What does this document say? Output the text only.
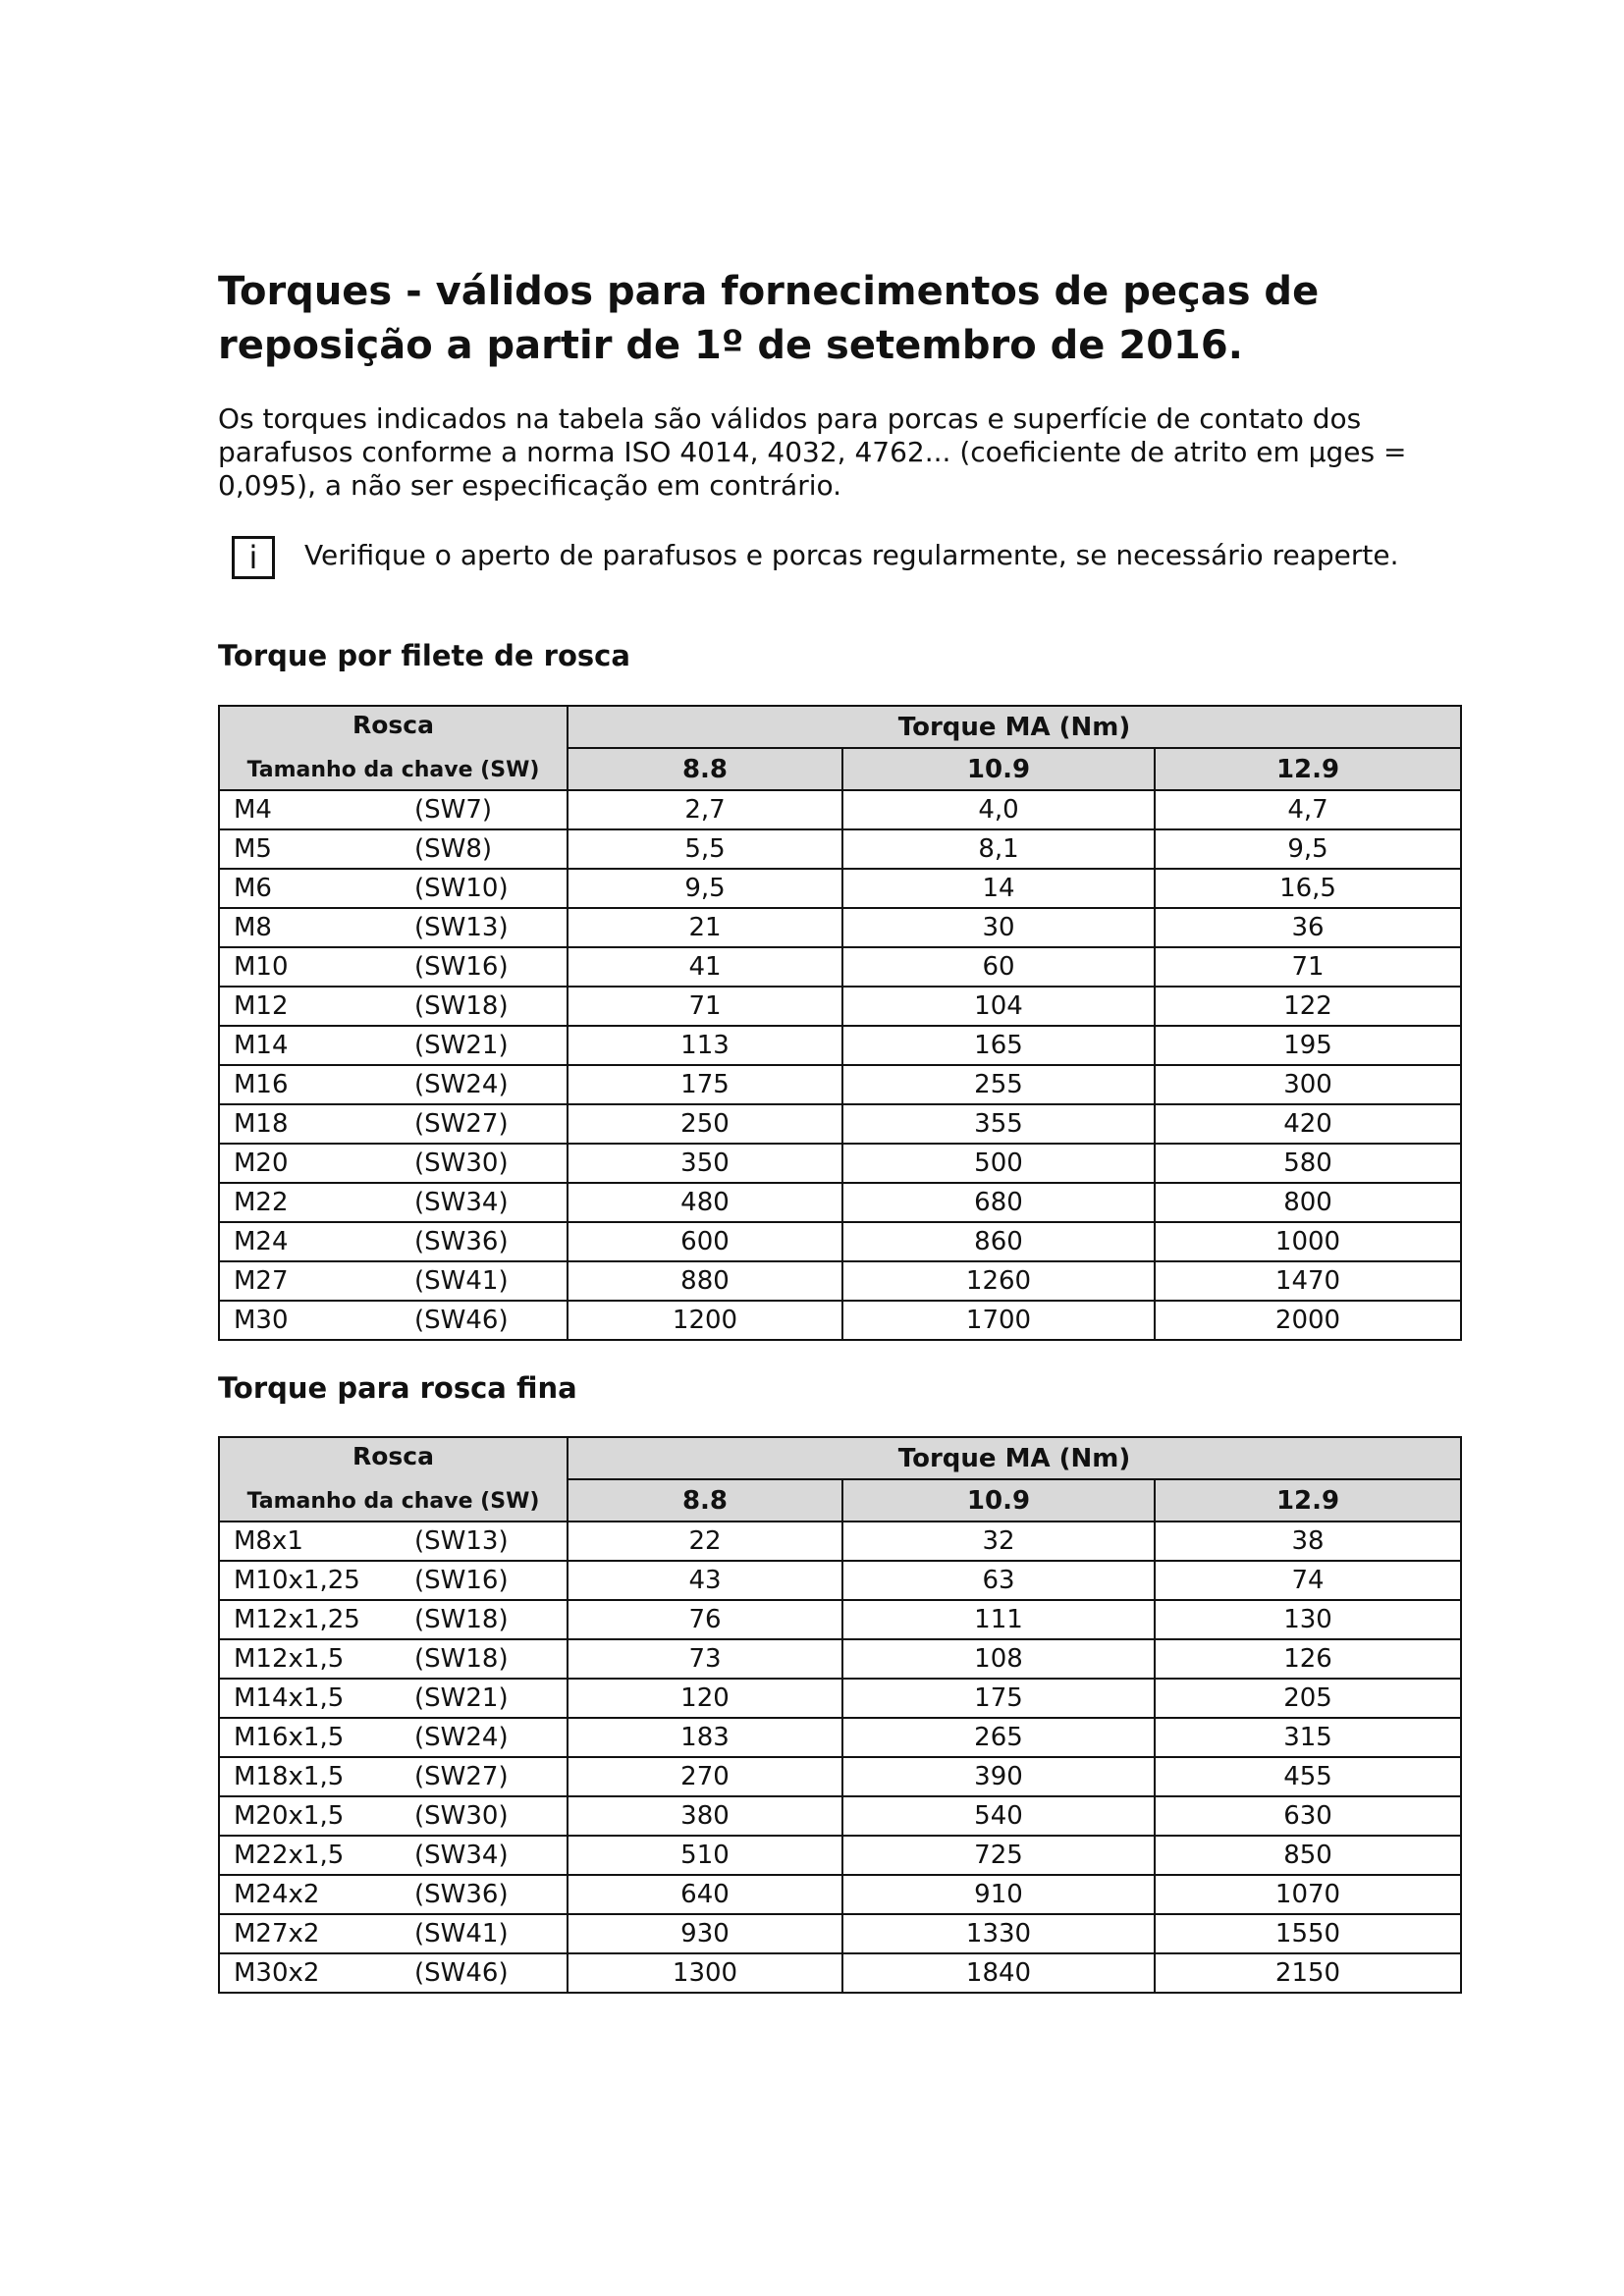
Torques - válidos para fornecimentos de peças de reposição a partir de 1º de setembro de 2016.

Os torques indicados na tabela são válidos para porcas e superfície de contato dos parafusos conforme a norma ISO 4014, 4032, 4762... (coeficiente de atrito em µges = 0,095), a não ser especificação em contrário.

i	Verifique o aperto de parafusos e porcas regularmente, se necessário reaperte.
Torque por filete de rosca
Rosca
Tamanho da chave (SW)	Torque MA (Nm)		
	8.8	10.9	12.9

M4 (SW7)	2,7	4,0	4,7

M5 (SW8)	5,5	8,1	9,5

M6 (SW10)	9,5	14	16,5

M8 (SW13)	21	30	36

M10 (SW16)	41	60	71

M12 (SW18)	71	104	122

M14 (SW21)	113	165	195

M16 (SW24)	175	255	300

M18 (SW27)	250	355	420

M20 (SW30)	350	500	580

M22 (SW34)	480	680	800

M24 (SW36)	600	860	1000

M27 (SW41)	880	1260	1470

M30 (SW46)	1200	1700	2000
Torque para rosca fina
Rosca
Tamanho da chave (SW)	Torque MA (Nm)		
	8.8	10.9	12.9

M8x1 (SW13)	22	32	38

M10x1,25 (SW16)	43	63	74

M12x1,25 (SW18)	76	111	130

M12x1,5 (SW18)	73	108	126

M14x1,5 (SW21)	120	175	205

M16x1,5 (SW24)	183	265	315

M18x1,5 (SW27)	270	390	455

M20x1,5 (SW30)	380	540	630

M22x1,5 (SW34)	510	725	850

M24x2 (SW36)	640	910	1070

M27x2 (SW41)	930	1330	1550

M30x2 (SW46)	1300	1840	2150
